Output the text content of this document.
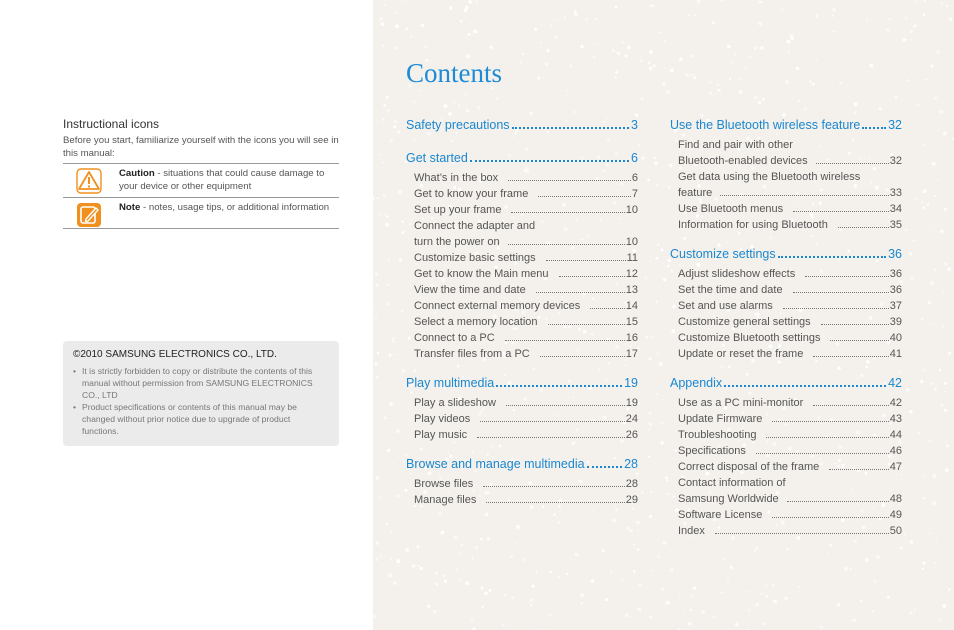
Instructional icons
Before you start, familiarize yourself with the icons you will see in this manual:
Caution - situations that could cause damage to your device or other equipment
Note - notes, usage tips, or additional information
©2010 SAMSUNG ELECTRONICS CO., LTD.
• It is strictly forbidden to copy or distribute the contents of this manual without permission from SAMSUNG ELECTRONICS CO., LTD
• Product specifications or contents of this manual may be changed without prior notice due to upgrade of product functions.
Contents
Safety precautions	3
Get started	6
What’s in the box	6
Get to know your frame	7
Set up your frame	10
Connect the adapter and
turn the power on	10
Customize basic settings	11
Get to know the Main menu	12
View the time and date	13
Connect external memory devices	14
Select a memory location	15
Connect to a PC	16
Transfer files from a PC	17
Play multimedia	19
Play a slideshow	19
Play videos	24
Play music	26
Browse and manage multimedia	28
Browse files	28
Manage files	29
Use the Bluetooth wireless feature 32
Find and pair with other
Bluetooth-enabled devices	32
Get data using the Bluetooth wireless
feature	33
Use Bluetooth menus	34
Information for using Bluetooth	35
Customize settings	36
Adjust slideshow effects	36
Set the time and date	36
Set and use alarms	37
Customize general settings	39
Customize Bluetooth settings	40
Update or reset the frame	41
Appendix	42
Use as a PC mini-monitor	42
Update Firmware	43
Troubleshooting	44
Specifications	46
Correct disposal of the frame	47
Contact information of
Samsung Worldwide	48
Software License	49
Index	50
